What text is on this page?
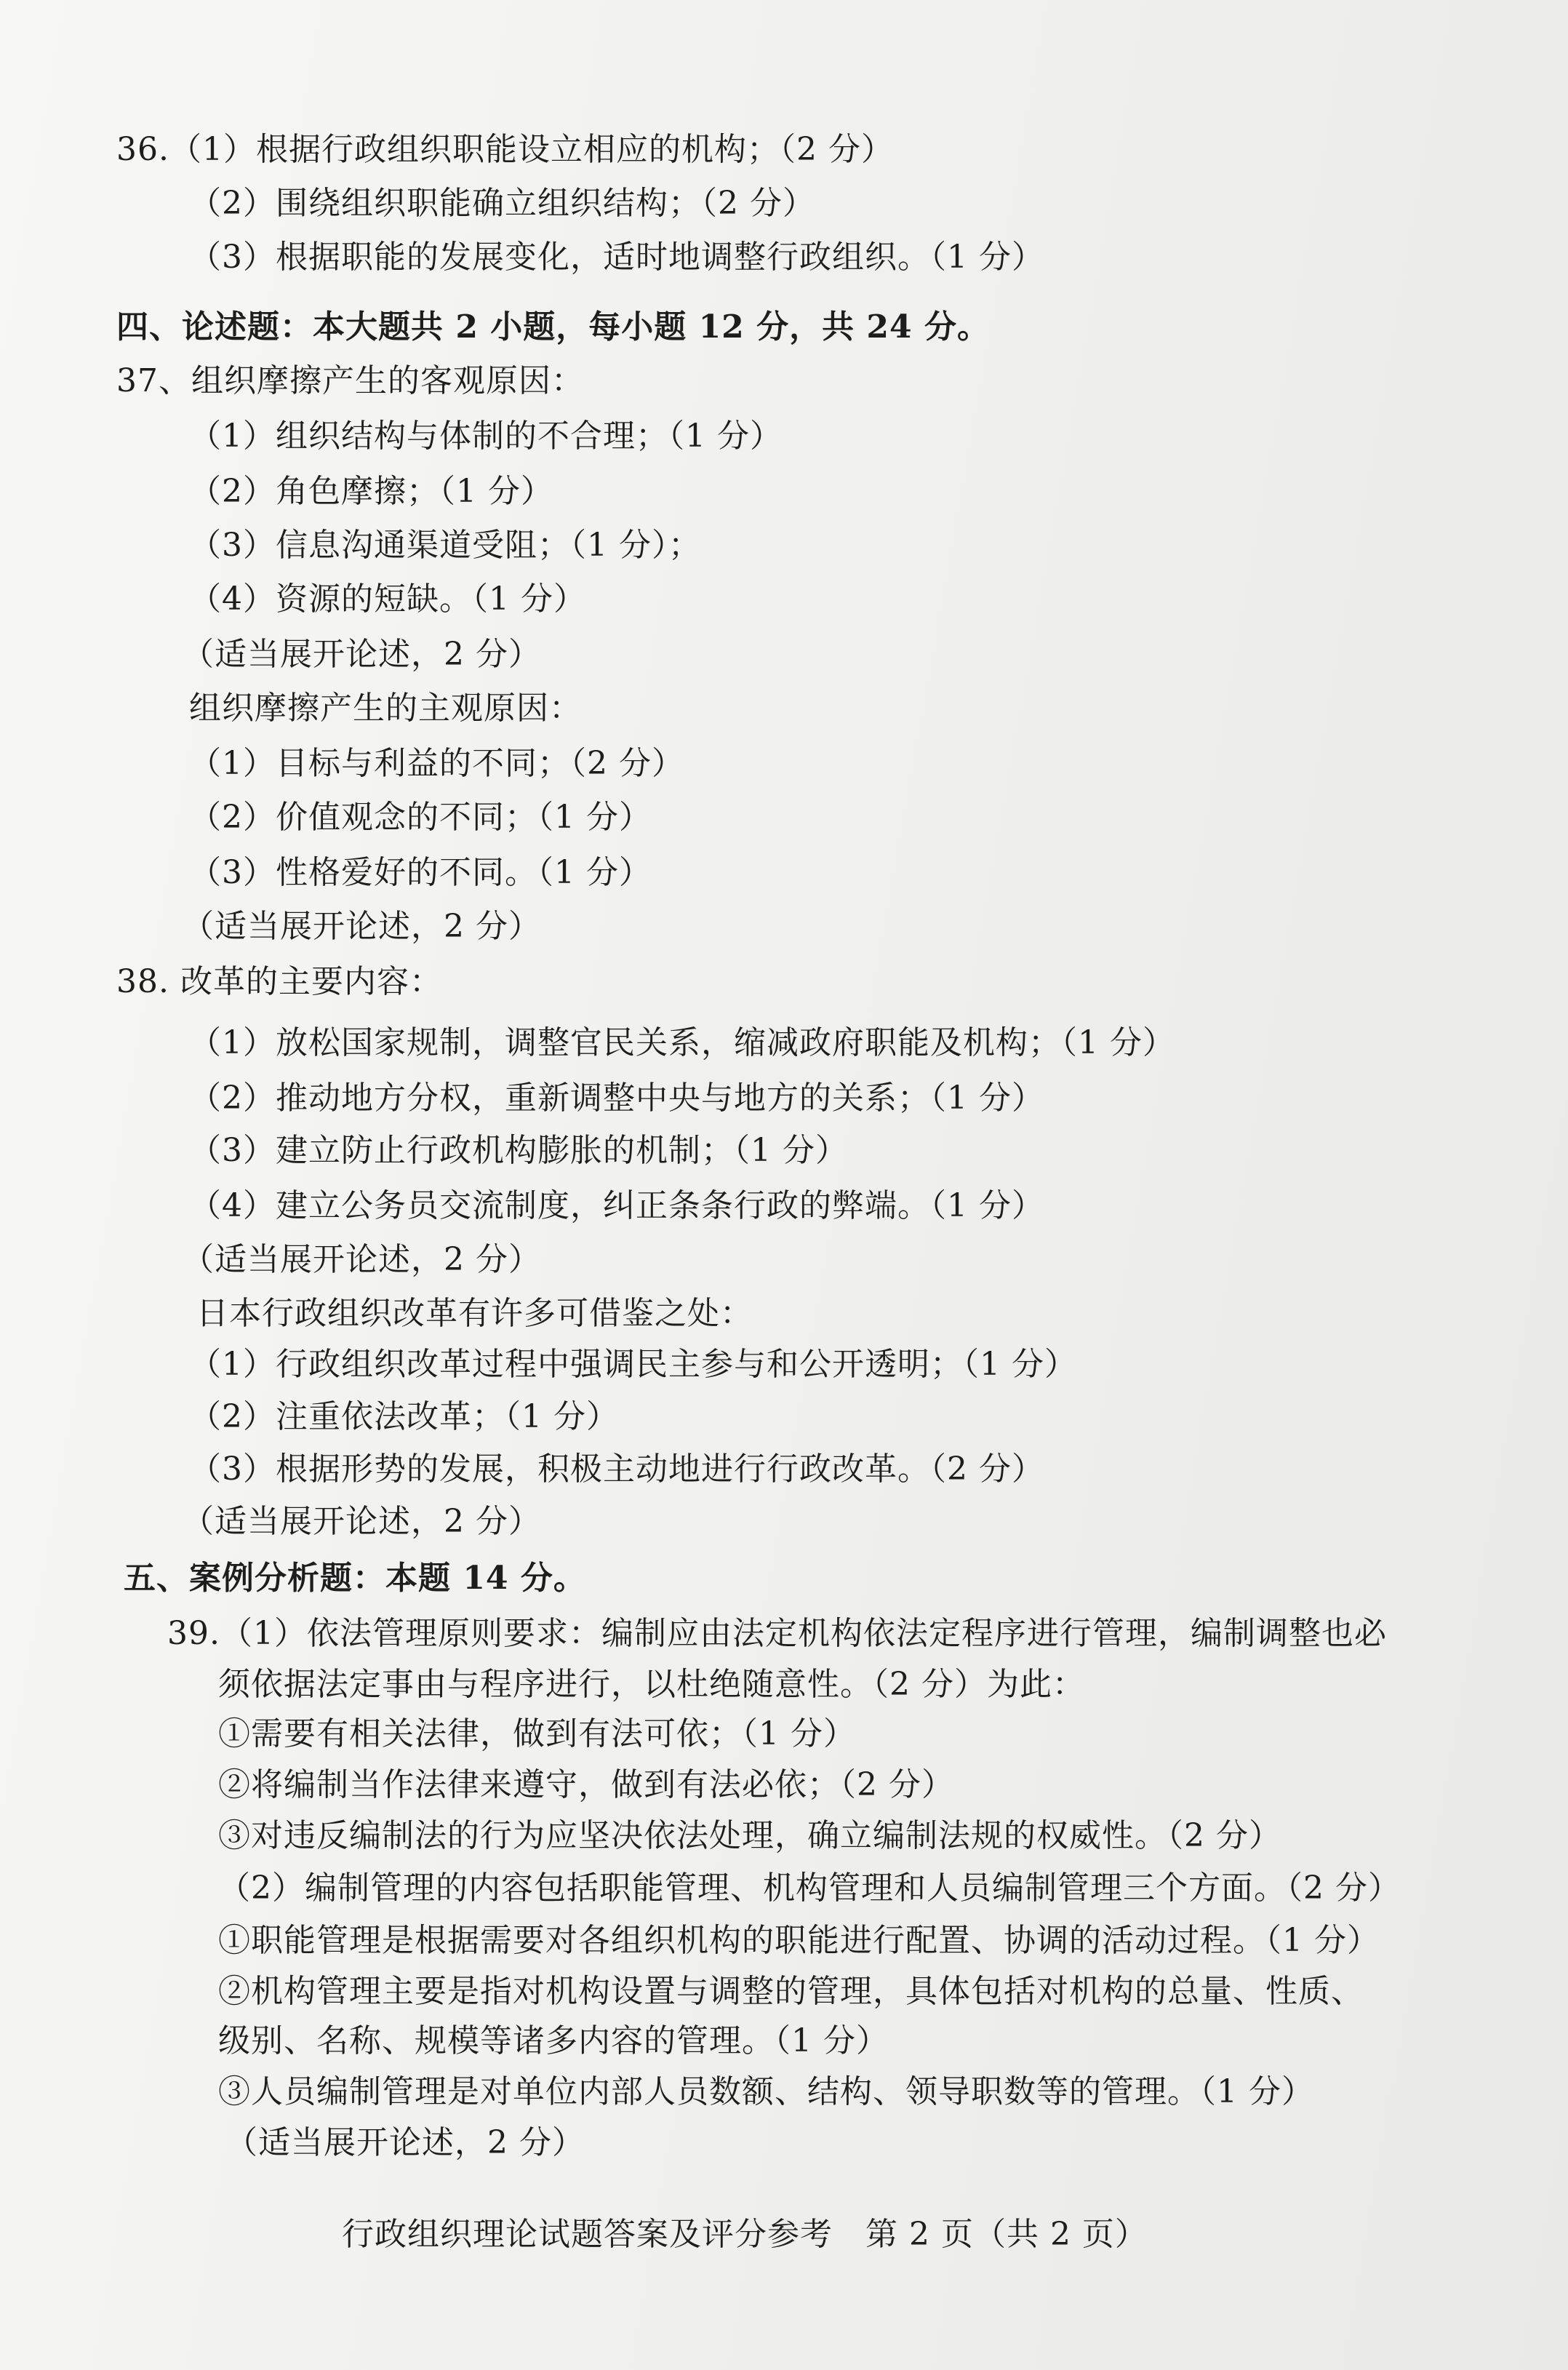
36.（1）根据行政组织职能设立相应的机构；（2 分）
（2）围绕组织职能确立组织结构；（2 分）
（3）根据职能的发展变化，适时地调整行政组织。（1 分）
四、论述题：本大题共 2 小题，每小题 12 分，共 24 分。
37、组织摩擦产生的客观原因：
（1）组织结构与体制的不合理；（1 分）
（2）角色摩擦；（1 分）
（3）信息沟通渠道受阻；（1 分）；
（4）资源的短缺。（1 分）
（适当展开论述，2 分）
组织摩擦产生的主观原因：
（1）目标与利益的不同；（2 分）
（2）价值观念的不同；（1 分）
（3）性格爱好的不同。（1 分）
（适当展开论述，2 分）
38. 改革的主要内容：
（1）放松国家规制，调整官民关系，缩减政府职能及机构；（1 分）
（2）推动地方分权，重新调整中央与地方的关系；（1 分）
（3）建立防止行政机构膨胀的机制；（1 分）
（4）建立公务员交流制度，纠正条条行政的弊端。（1 分）
（适当展开论述，2 分）
日本行政组织改革有许多可借鉴之处：
（1）行政组织改革过程中强调民主参与和公开透明；（1 分）
（2）注重依法改革；（1 分）
（3）根据形势的发展，积极主动地进行行政改革。（2 分）
（适当展开论述，2 分）
五、案例分析题：本题 14 分。
39.（1）依法管理原则要求：编制应由法定机构依法定程序进行管理，编制调整也必
须依据法定事由与程序进行，以杜绝随意性。（2 分）为此：
①需要有相关法律，做到有法可依；（1 分）
②将编制当作法律来遵守，做到有法必依；（2 分）
③对违反编制法的行为应坚决依法处理，确立编制法规的权威性。（2 分）
（2）编制管理的内容包括职能管理、机构管理和人员编制管理三个方面。（2 分）
①职能管理是根据需要对各组织机构的职能进行配置、协调的活动过程。（1 分）
②机构管理主要是指对机构设置与调整的管理，具体包括对机构的总量、性质、
级别、名称、规模等诸多内容的管理。（1 分）
③人员编制管理是对单位内部人员数额、结构、领导职数等的管理。（1 分）
（适当展开论述，2 分）
行政组织理论试题答案及评分参考　第 2 页（共 2 页）
